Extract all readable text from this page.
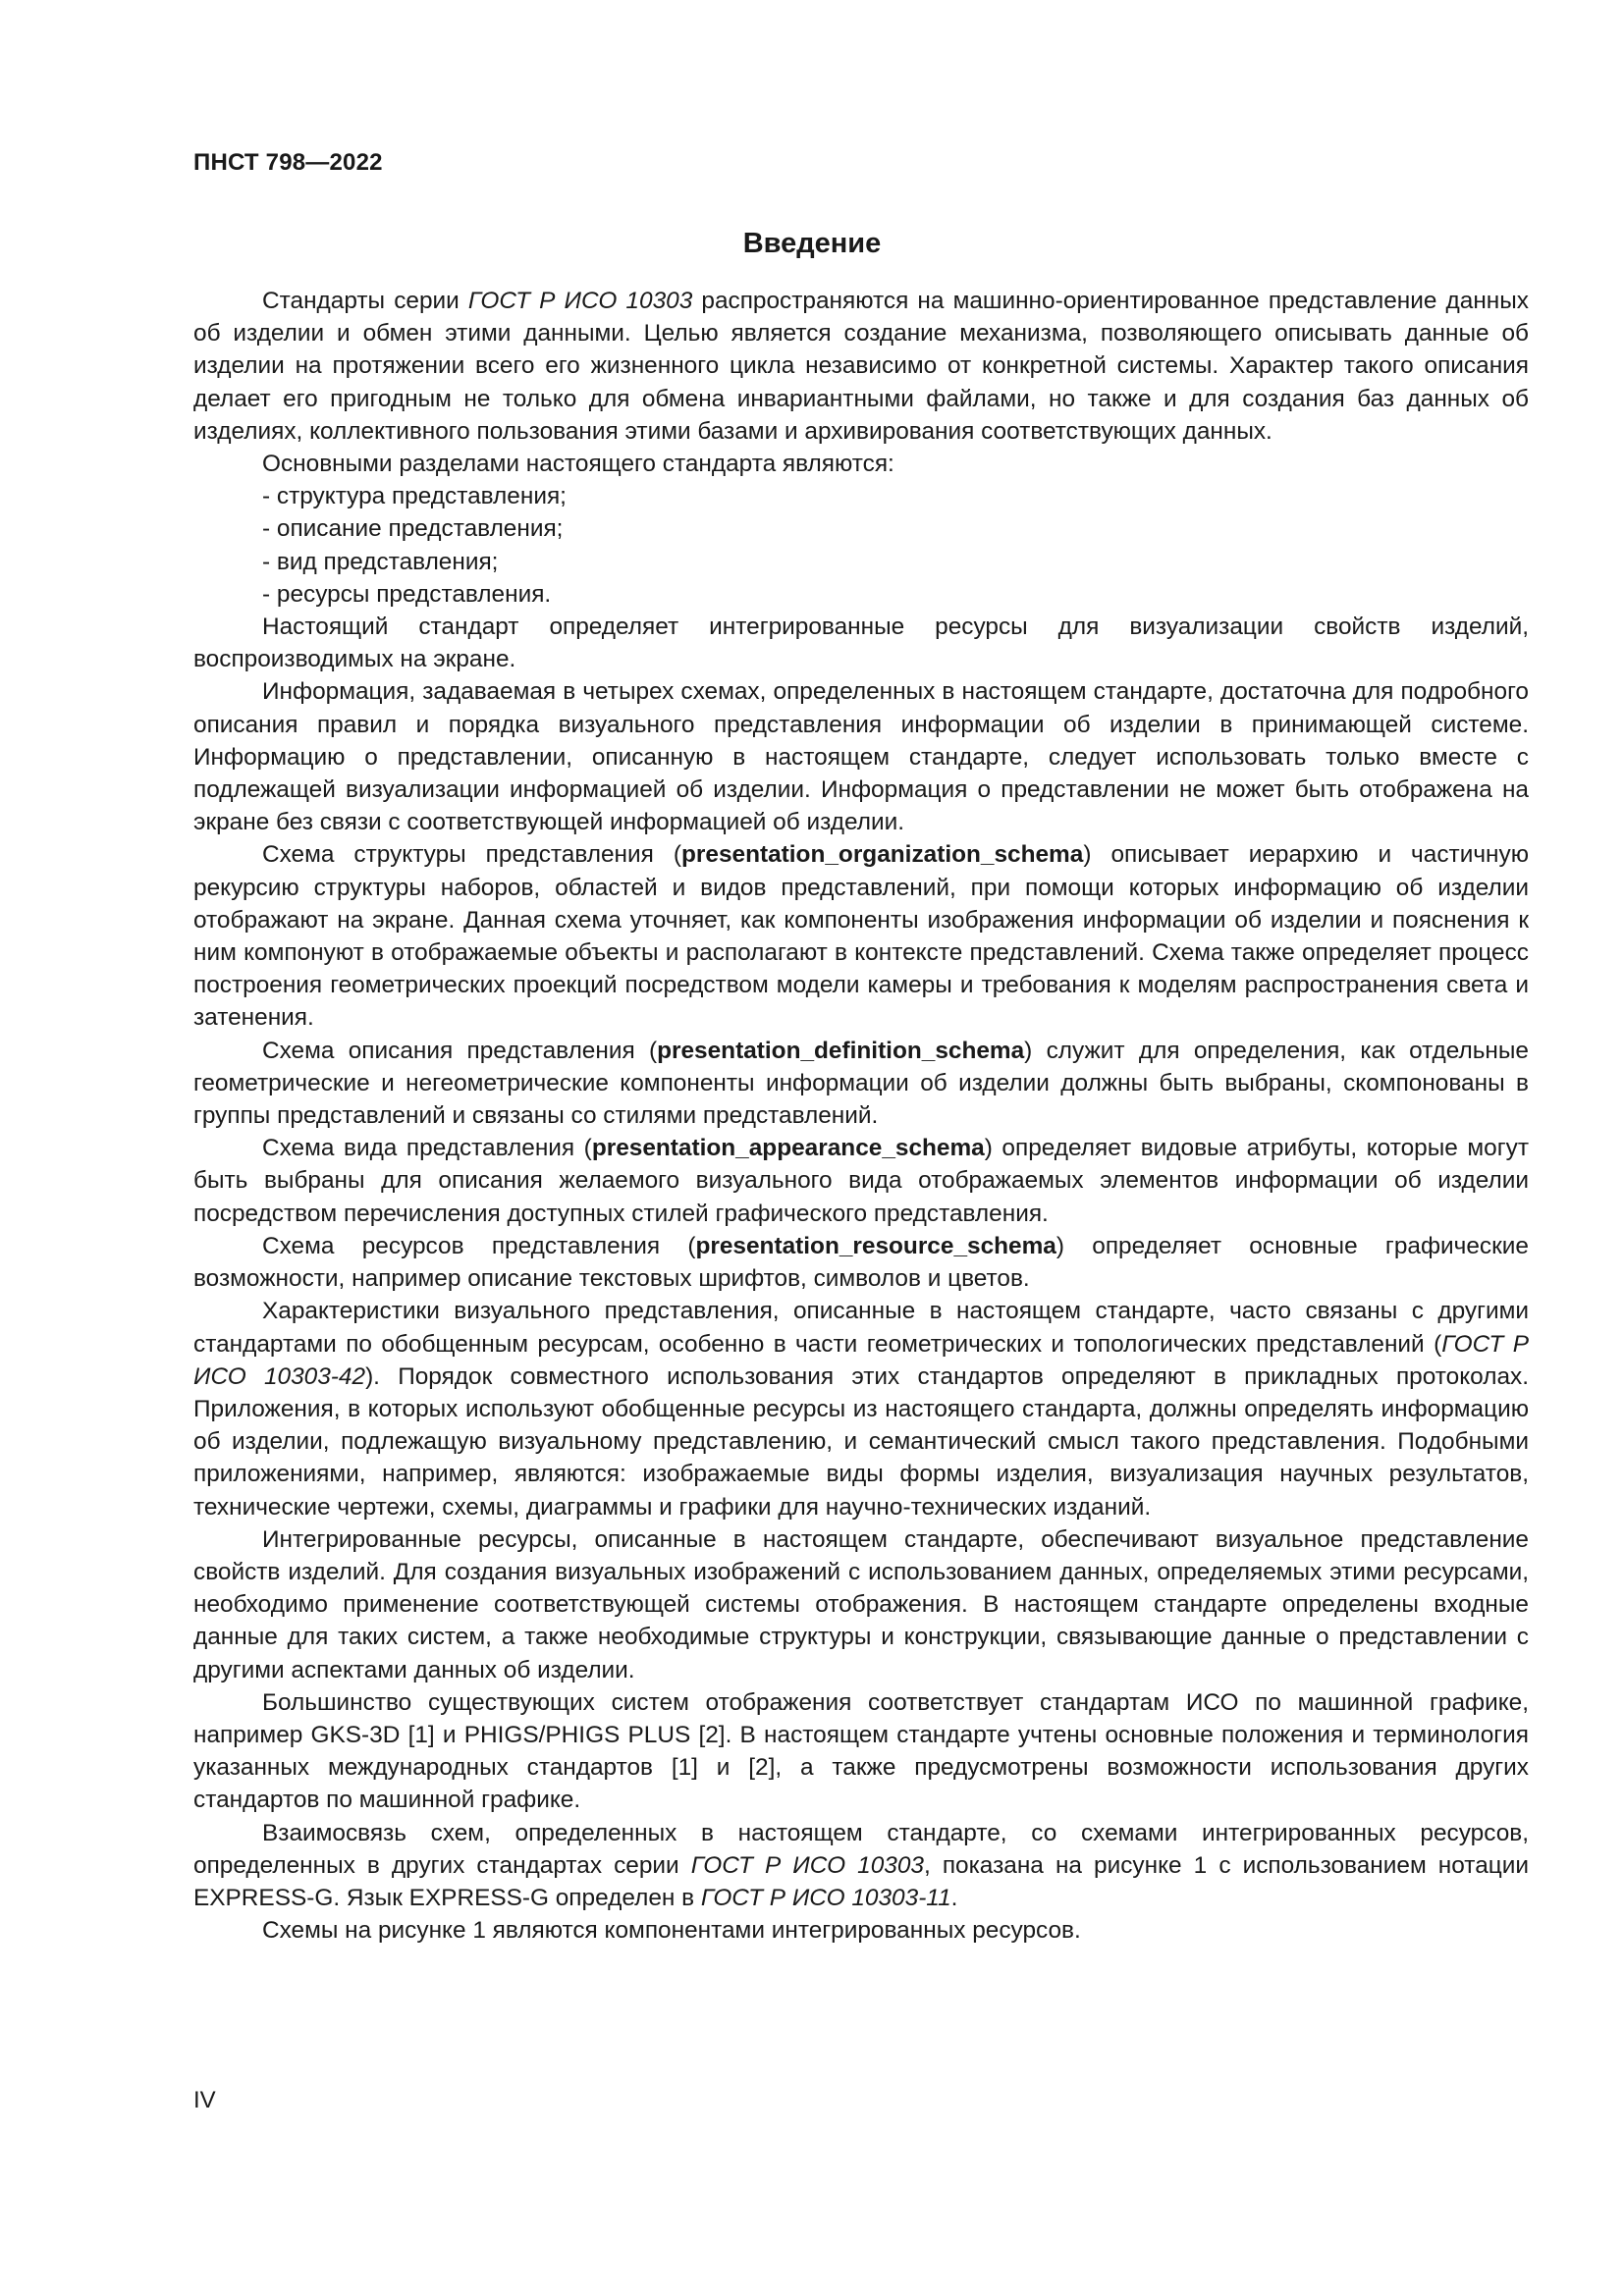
ПНСТ 798—2022
Введение

Стандарты серии ГОСТ Р ИСО 10303 распространяются на машинно-ориентированное представление данных об изделии и обмен этими данными. Целью является создание механизма, позволяющего описывать данные об изделии на протяжении всего его жизненного цикла независимо от конкретной системы. Характер такого описания делает его пригодным не только для обмена инвариантными файлами, но также и для создания баз данных об изделиях, коллективного пользования этими базами и архивирования соответствующих данных.

Основными разделами настоящего стандарта являются:

- структура представления;

- описание представления;

- вид представления;

- ресурсы представления.

Настоящий стандарт определяет интегрированные ресурсы для визуализации свойств изделий, воспроизводимых на экране.

Информация, задаваемая в четырех схемах, определенных в настоящем стандарте, достаточна для подробного описания правил и порядка визуального представления информации об изделии в принимающей системе. Информацию о представлении, описанную в настоящем стандарте, следует использовать только вместе с подлежащей визуализации информацией об изделии. Информация о представлении не может быть отображена на экране без связи с соответствующей информацией об изделии.

Схема структуры представления (presentation_organization_schema) описывает иерархию и частичную рекурсию структуры наборов, областей и видов представлений, при помощи которых информацию об изделии отображают на экране. Данная схема уточняет, как компоненты изображения информации об изделии и пояснения к ним компонуют в отображаемые объекты и располагают в контексте представлений. Схема также определяет процесс построения геометрических проекций посредством модели камеры и требования к моделям распространения света и затенения.

Схема описания представления (presentation_definition_schema) служит для определения, как отдельные геометрические и негеометрические компоненты информации об изделии должны быть выбраны, скомпонованы в группы представлений и связаны со стилями представлений.

Схема вида представления (presentation_appearance_schema) определяет видовые атрибуты, которые могут быть выбраны для описания желаемого визуального вида отображаемых элементов информации об изделии посредством перечисления доступных стилей графического представления.

Схема ресурсов представления (presentation_resource_schema) определяет основные графические возможности, например описание текстовых шрифтов, символов и цветов.

Характеристики визуального представления, описанные в настоящем стандарте, часто связаны с другими стандартами по обобщенным ресурсам, особенно в части геометрических и топологических представлений (ГОСТ Р ИСО 10303-42). Порядок совместного использования этих стандартов определяют в прикладных протоколах. Приложения, в которых используют обобщенные ресурсы из настоящего стандарта, должны определять информацию об изделии, подлежащую визуальному представлению, и семантический смысл такого представления. Подобными приложениями, например, являются: изображаемые виды формы изделия, визуализация научных результатов, технические чертежи, схемы, диаграммы и графики для научно-технических изданий.

Интегрированные ресурсы, описанные в настоящем стандарте, обеспечивают визуальное представление свойств изделий. Для создания визуальных изображений с использованием данных, определяемых этими ресурсами, необходимо применение соответствующей системы отображения. В настоящем стандарте определены входные данные для таких систем, а также необходимые структуры и конструкции, связывающие данные о представлении с другими аспектами данных об изделии.

Большинство существующих систем отображения соответствует стандартам ИСО по машинной графике, например GKS-3D [1] и PHIGS/PHIGS PLUS [2]. В настоящем стандарте учтены основные положения и терминология указанных международных стандартов [1] и [2], а также предусмотрены возможности использования других стандартов по машинной графике.

Взаимосвязь схем, определенных в настоящем стандарте, со схемами интегрированных ресурсов, определенных в других стандартах серии ГОСТ Р ИСО 10303, показана на рисунке 1 с использованием нотации EXPRESS-G. Язык EXPRESS-G определен в ГОСТ Р ИСО 10303-11.

Схемы на рисунке 1 являются компонентами интегрированных ресурсов.

IV
